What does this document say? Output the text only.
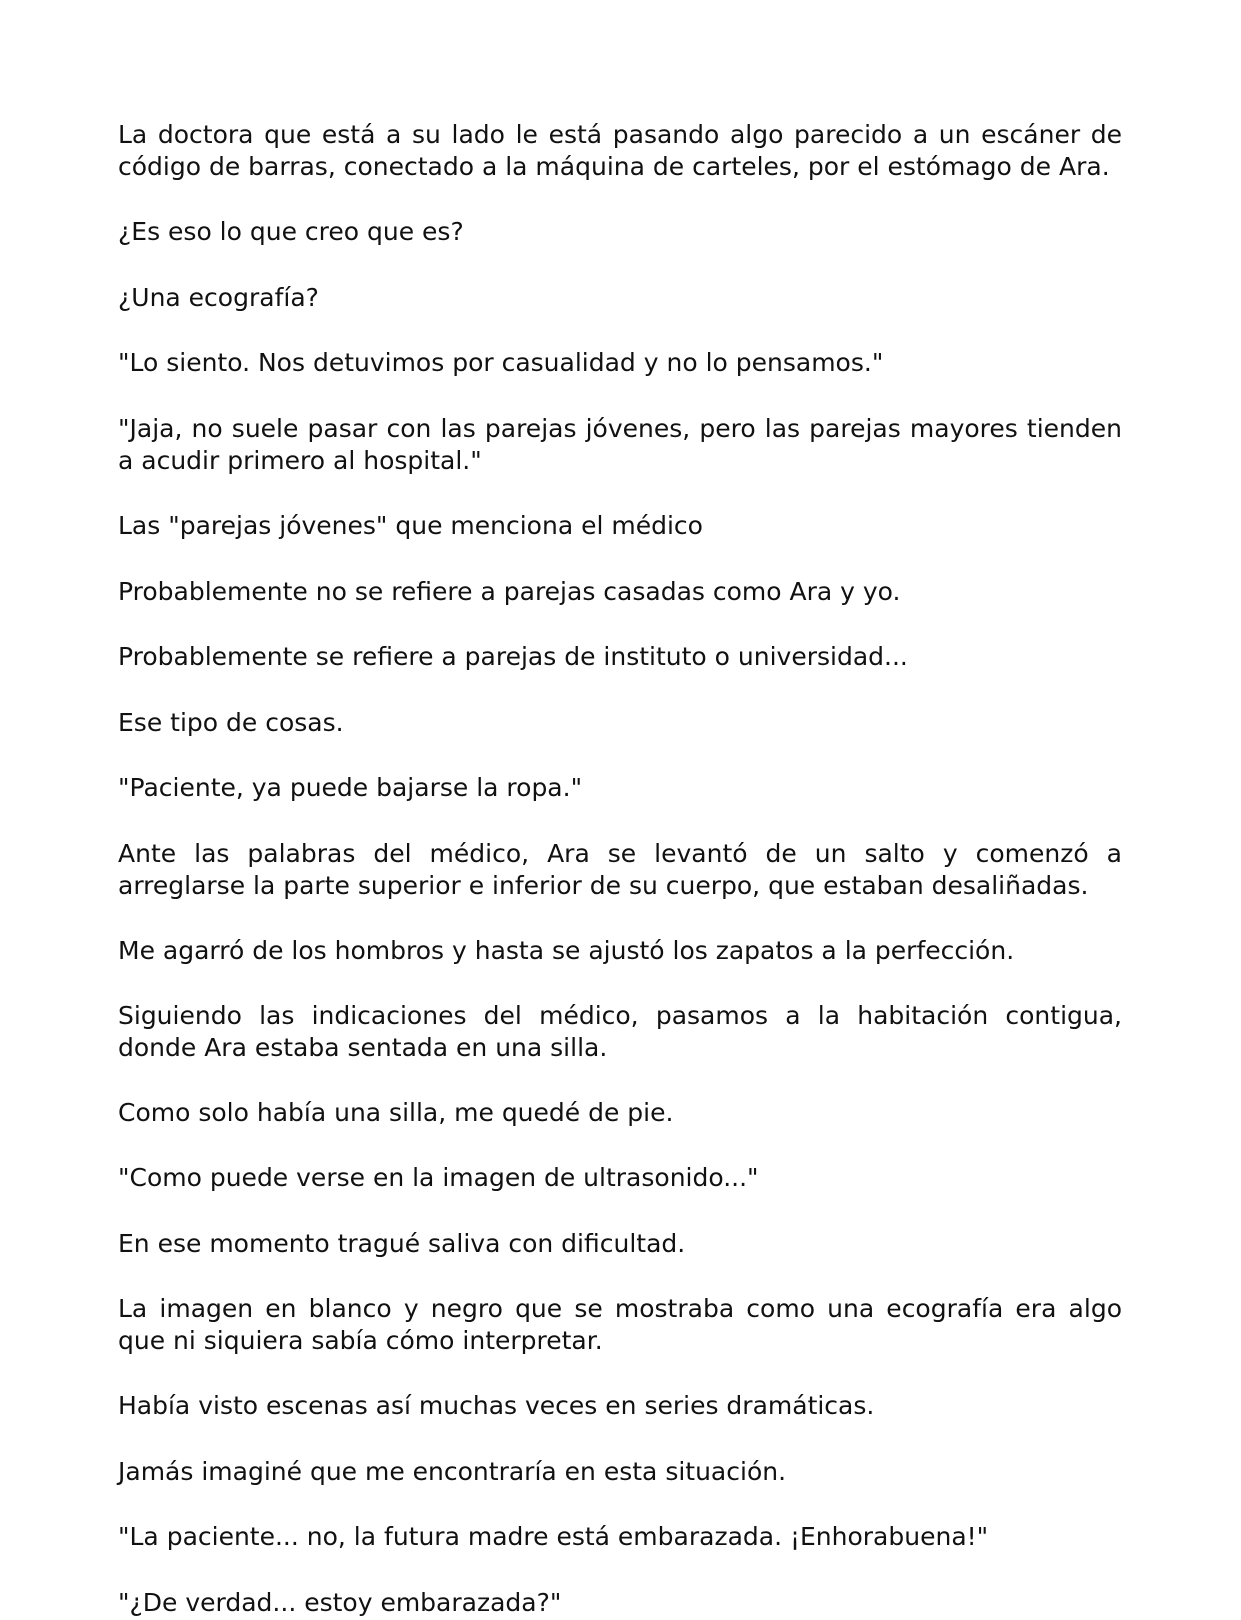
La doctora que está a su lado le está pasando algo parecido a un escáner de código de barras, conectado a la máquina de carteles, por el estómago de Ara.
¿Es eso lo que creo que es?
¿Una ecografía?
"Lo siento. Nos detuvimos por casualidad y no lo pensamos."
"Jaja, no suele pasar con las parejas jóvenes, pero las parejas mayores tienden a acudir primero al hospital."
Las "parejas jóvenes" que menciona el médico
Probablemente no se refiere a parejas casadas como Ara y yo.
Probablemente se refiere a parejas de instituto o universidad...
Ese tipo de cosas.
"Paciente, ya puede bajarse la ropa."
Ante las palabras del médico, Ara se levantó de un salto y comenzó a arreglarse la parte superior e inferior de su cuerpo, que estaban desaliñadas.
Me agarró de los hombros y hasta se ajustó los zapatos a la perfección.
Siguiendo las indicaciones del médico, pasamos a la habitación contigua, donde Ara estaba sentada en una silla.
Como solo había una silla, me quedé de pie.
"Como puede verse en la imagen de ultrasonido..."
En ese momento tragué saliva con dificultad.
La imagen en blanco y negro que se mostraba como una ecografía era algo que ni siquiera sabía cómo interpretar.
Había visto escenas así muchas veces en series dramáticas.
Jamás imaginé que me encontraría en esta situación.
"La paciente... no, la futura madre está embarazada. ¡Enhorabuena!"
"¿De verdad... estoy embarazada?"
